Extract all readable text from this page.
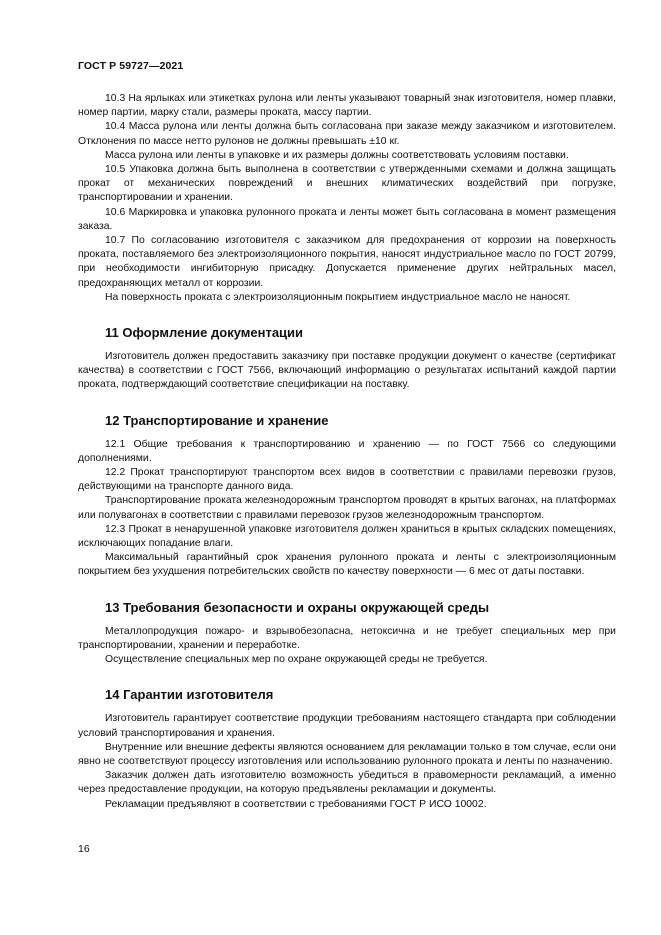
ГОСТ Р 59727—2021

10.3 На ярлыках или этикетках рулона или ленты указывают товарный знак изготовителя, номер плавки, номер партии, марку стали, размеры проката, массу партии.

10.4 Масса рулона или ленты должна быть согласована при заказе между заказчиком и изготовителем. Отклонения по массе нетто рулонов не должны превышать ±10 кг.

Масса рулона или ленты в упаковке и их размеры должны соответствовать условиям поставки.

10.5 Упаковка должна быть выполнена в соответствии с утвержденными схемами и должна защищать прокат от механических повреждений и внешних климатических воздействий при погрузке, транспортировании и хранении.

10.6 Маркировка и упаковка рулонного проката и ленты может быть согласована в момент размещения заказа.

10.7 По согласованию изготовителя с заказчиком для предохранения от коррозии на поверхность проката, поставляемого без электроизоляционного покрытия, наносят индустриальное масло по ГОСТ 20799, при необходимости ингибиторную присадку. Допускается применение других нейтральных масел, предохраняющих металл от коррозии.

На поверхность проката с электроизоляционным покрытием индустриальное масло не наносят.

11 Оформление документации

Изготовитель должен предоставить заказчику при поставке продукции документ о качестве (сертификат качества) в соответствии с ГОСТ 7566, включающий информацию о результатах испытаний каждой партии проката, подтверждающий соответствие спецификации на поставку.

12 Транспортирование и хранение

12.1 Общие требования к транспортированию и хранению — по ГОСТ 7566 со следующими дополнениями.

12.2 Прокат транспортируют транспортом всех видов в соответствии с правилами перевозки грузов, действующими на транспорте данного вида.

Транспортирование проката железнодорожным транспортом проводят в крытых вагонах, на платформах или полувагонах в соответствии с правилами перевозок грузов железнодорожным транспортом.

12.3 Прокат в ненарушенной упаковке изготовителя должен храниться в крытых складских помещениях, исключающих попадание влаги.

Максимальный гарантийный срок хранения рулонного проката и ленты с электроизоляционным покрытием без ухудшения потребительских свойств по качеству поверхности — 6 мес от даты поставки.

13 Требования безопасности и охраны окружающей среды

Металлопродукция пожаро- и взрывобезопасна, нетоксична и не требует специальных мер при транспортировании, хранении и переработке.

Осуществление специальных мер по охране окружающей среды не требуется.

14 Гарантии изготовителя

Изготовитель гарантирует соответствие продукции требованиям настоящего стандарта при соблюдении условий транспортирования и хранения.

Внутренние или внешние дефекты являются основанием для рекламации только в том случае, если они явно не соответствуют процессу изготовления или использованию рулонного проката и ленты по назначению.

Заказчик должен дать изготовителю возможность убедиться в правомерности рекламаций, а именно через предоставление продукции, на которую предъявлены рекламации и документы.

Рекламации предъявляют в соответствии с требованиями ГОСТ Р ИСО 10002.

16
